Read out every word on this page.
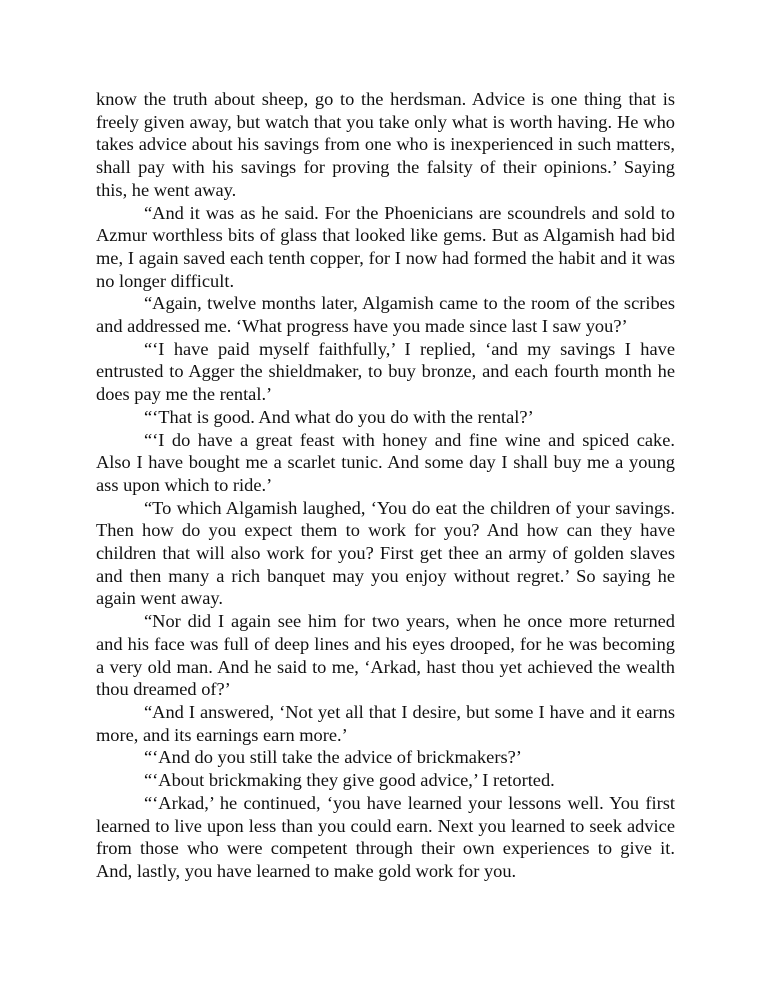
know the truth about sheep, go to the herdsman. Advice is one thing that is freely given away, but watch that you take only what is worth having. He who takes advice about his savings from one who is inexperienced in such matters, shall pay with his savings for proving the falsity of their opinions.’ Saying this, he went away.

“And it was as he said. For the Phoenicians are scoundrels and sold to Azmur worthless bits of glass that looked like gems. But as Algamish had bid me, I again saved each tenth copper, for I now had formed the habit and it was no longer difficult.

“Again, twelve months later, Algamish came to the room of the scribes and addressed me. ‘What progress have you made since last I saw you?’

“‘I have paid myself faithfully,’ I replied, ‘and my savings I have entrusted to Agger the shieldmaker, to buy bronze, and each fourth month he does pay me the rental.’

“‘That is good. And what do you do with the rental?’

“‘I do have a great feast with honey and fine wine and spiced cake. Also I have bought me a scarlet tunic. And some day I shall buy me a young ass upon which to ride.’

“To which Algamish laughed, ‘You do eat the children of your savings. Then how do you expect them to work for you? And how can they have children that will also work for you? First get thee an army of golden slaves and then many a rich banquet may you enjoy without regret.’ So saying he again went away.

“Nor did I again see him for two years, when he once more returned and his face was full of deep lines and his eyes drooped, for he was becoming a very old man. And he said to me, ‘Arkad, hast thou yet achieved the wealth thou dreamed of?’

“And I answered, ‘Not yet all that I desire, but some I have and it earns more, and its earnings earn more.’

“‘And do you still take the advice of brickmakers?’

“‘About brickmaking they give good advice,’ I retorted.

“‘Arkad,’ he continued, ‘you have learned your lessons well. You first learned to live upon less than you could earn. Next you learned to seek advice from those who were competent through their own experiences to give it. And, lastly, you have learned to make gold work for you.
